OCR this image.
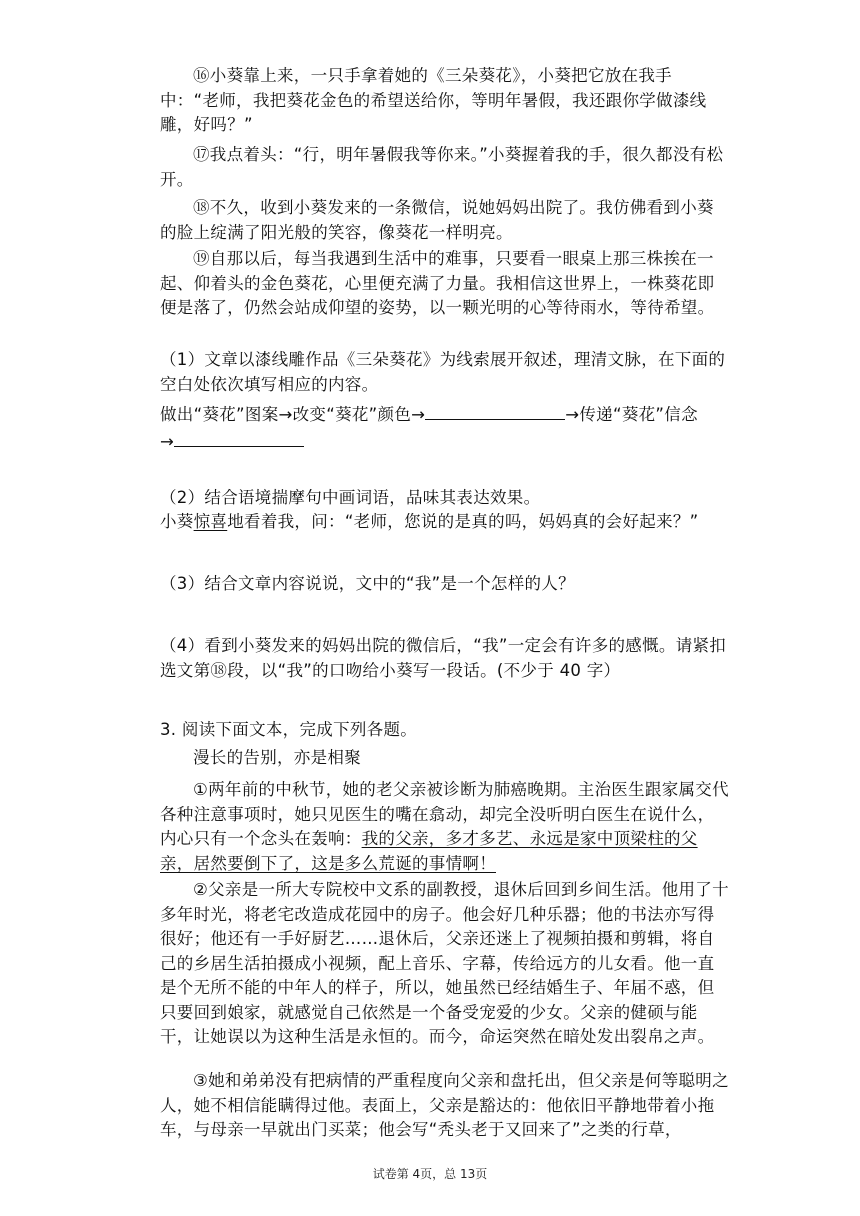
⑯小葵靠上来，一只手拿着她的《三朵葵花》，小葵把它放在我手中：“老师，我把葵花金色的希望送给你，等明年暑假，我还跟你学做漆线雕，好吗？”
⑰我点着头：“行，明年暑假我等你来。”小葵握着我的手，很久都没有松开。
⑱不久，收到小葵发来的一条微信，说她妈妈出院了。我仿佛看到小葵的脸上绽满了阳光般的笑容，像葵花一样明亮。
⑲自那以后，每当我遇到生活中的难事，只要看一眼桌上那三株挨在一起、仰着头的金色葵花，心里便充满了力量。我相信这世界上，一株葵花即便是落了，仍然会站成仰望的姿势，以一颗光明的心等待雨水，等待希望。
（1）文章以漆线雕作品《三朵葵花》为线索展开叙述，理清文脉，在下面的空白处依次填写相应的内容。
做出“葵花”图案→改变“葵花”颜色→	→传递“葵花”信念
→
（2）结合语境揣摩句中画词语，品味其表达效果。
小葵惊喜地看着我，问：“老师，您说的是真的吗，妈妈真的会好起来？”
（3）结合文章内容说说，文中的“我”是一个怎样的人？
（4）看到小葵发来的妈妈出院的微信后，“我”一定会有许多的感慨。请紧扣选文第⑱段，以“我”的口吻给小葵写一段话。(不少于 40 字）
3. 阅读下面文本，完成下列各题。
漫长的告别，亦是相聚
①两年前的中秋节，她的老父亲被诊断为肺癌晚期。主治医生跟家属交代各种注意事项时，她只见医生的嘴在翕动，却完全没听明白医生在说什么，内心只有一个念头在轰响：我的父亲，多才多艺、永远是家中顶梁柱的父亲，居然要倒下了，这是多么荒诞的事情啊！
②父亲是一所大专院校中文系的副教授，退休后回到乡间生活。他用了十多年时光，将老宅改造成花园中的房子。他会好几种乐器；他的书法亦写得很好；他还有一手好厨艺……退休后，父亲还迷上了视频拍摄和剪辑，将自己的乡居生活拍摄成小视频，配上音乐、字幕，传给远方的儿女看。他一直是个无所不能的中年人的样子，所以，她虽然已经结婚生子、年届不惑，但只要回到娘家，就感觉自己依然是一个备受宠爱的少女。父亲的健硕与能干，让她误以为这种生活是永恒的。而今，命运突然在暗处发出裂帛之声。
③她和弟弟没有把病情的严重程度向父亲和盘托出，但父亲是何等聪明之人，她不相信能瞒得过他。表面上，父亲是豁达的：他依旧平静地带着小拖车，与母亲一早就出门买菜；他会写“秃头老于又回来了”之类的行草，
试卷第 4页，总 13页
